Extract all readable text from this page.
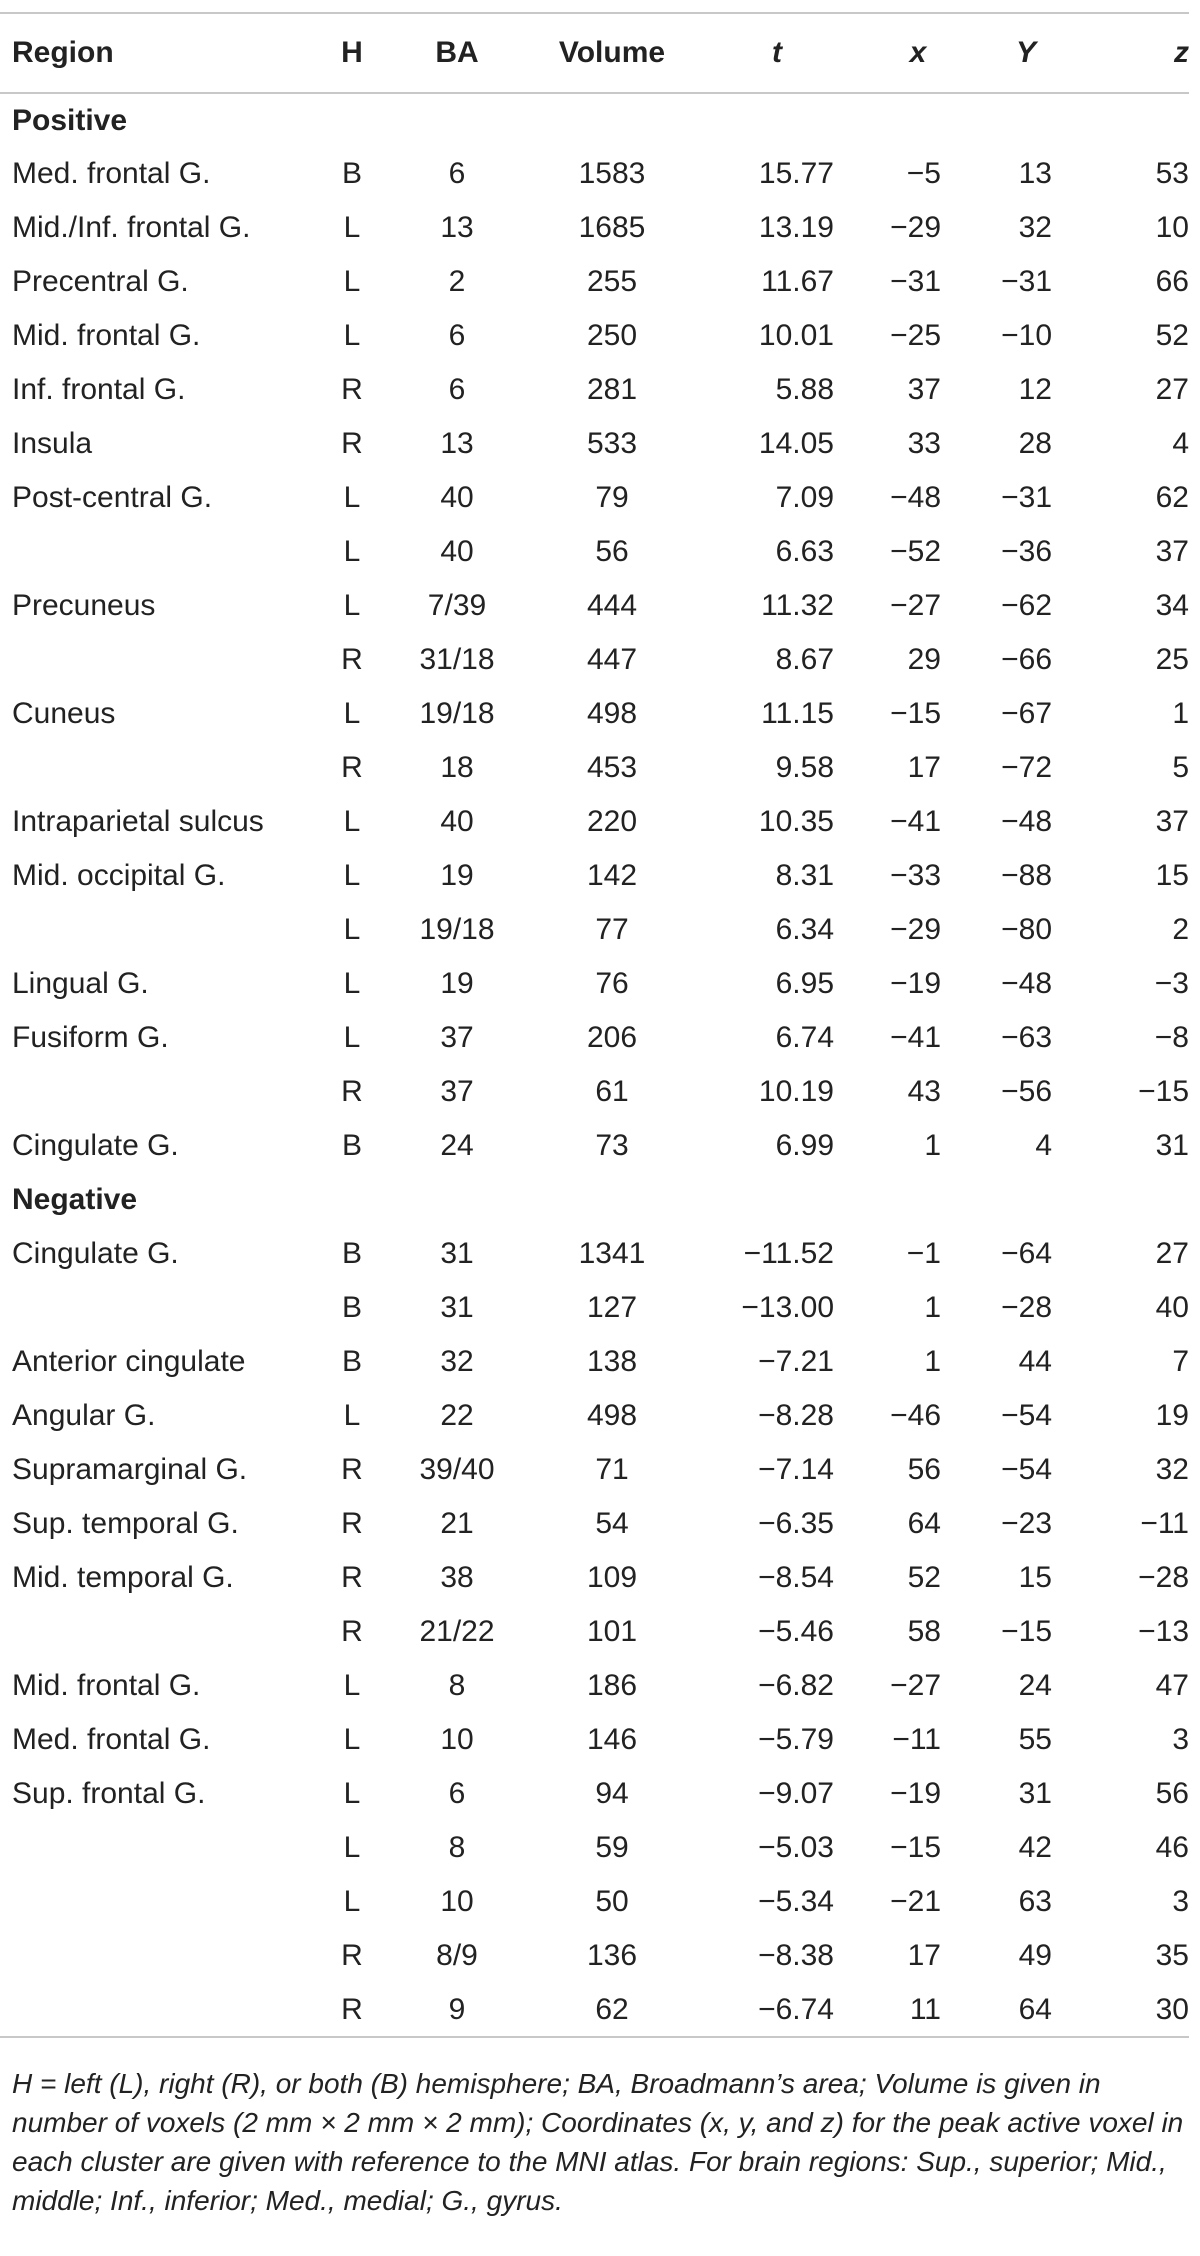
Region	H	BA	Volume	t	x	Y	z
Positive							
Med. frontal G.	B	6	1583	15.77	−5	13	53
Mid./Inf. frontal G.	L	13	1685	13.19	−29	32	10
Precentral G.	L	2	255	11.67	−31	−31	66
Mid. frontal G.	L	6	250	10.01	−25	−10	52
Inf. frontal G.	R	6	281	5.88	37	12	27
Insula	R	13	533	14.05	33	28	4
Post-central G.	L	40	79	7.09	−48	−31	62
	L	40	56	6.63	−52	−36	37
Precuneus	L	7/39	444	11.32	−27	−62	34
	R	31/18	447	8.67	29	−66	25
Cuneus	L	19/18	498	11.15	−15	−67	1
	R	18	453	9.58	17	−72	5
Intraparietal sulcus	L	40	220	10.35	−41	−48	37
Mid. occipital G.	L	19	142	8.31	−33	−88	15
	L	19/18	77	6.34	−29	−80	2
Lingual G.	L	19	76	6.95	−19	−48	−3
Fusiform G.	L	37	206	6.74	−41	−63	−8
	R	37	61	10.19	43	−56	−15
Cingulate G.	B	24	73	6.99	1	4	31
Negative							
Cingulate G.	B	31	1341	−11.52	−1	−64	27
	B	31	127	−13.00	1	−28	40
Anterior cingulate	B	32	138	−7.21	1	44	7
Angular G.	L	22	498	−8.28	−46	−54	19
Supramarginal G.	R	39/40	71	−7.14	56	−54	32
Sup. temporal G.	R	21	54	−6.35	64	−23	−11
Mid. temporal G.	R	38	109	−8.54	52	15	−28
	R	21/22	101	−5.46	58	−15	−13
Mid. frontal G.	L	8	186	−6.82	−27	24	47
Med. frontal G.	L	10	146	−5.79	−11	55	3
Sup. frontal G.	L	6	94	−9.07	−19	31	56
	L	8	59	−5.03	−15	42	46
	L	10	50	−5.34	−21	63	3
	R	8/9	136	−8.38	17	49	35
	R	9	62	−6.74	11	64	30
H = left (L), right (R), or both (B) hemisphere; BA, Broadmann’s area; Volume is given in number of voxels (2 mm × 2 mm × 2 mm); Coordinates (x, y, and z) for the peak active voxel in each cluster are given with reference to the MNI atlas. For brain regions: Sup., superior; Mid., middle; Inf., inferior; Med., medial; G., gyrus.
